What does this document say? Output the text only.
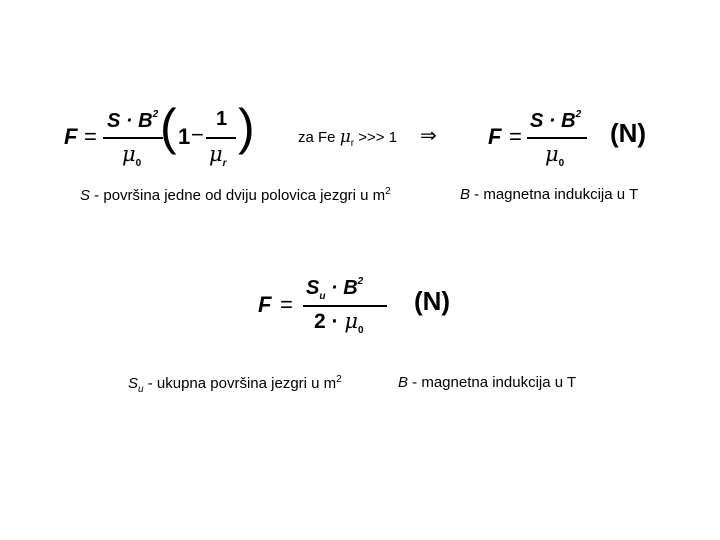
F =
$S \cdot B^2$
$\mu_0$
( 1 −
1
$\mu_r$
)	za Fe $\mu_r$ >>> 1 ⇒ F =
$S \cdot B^2$
$\mu_0$
(N)
S - površina jedne od dviju polovica jezgri u $m^2$	B - magnetna indukcija u T
F =
$S_u \cdot B^2$
$2 \cdot \mu_0$
(N)
$S_u$ - ukupna površina jezgri u $m^2$	B - magnetna indukcija u T
